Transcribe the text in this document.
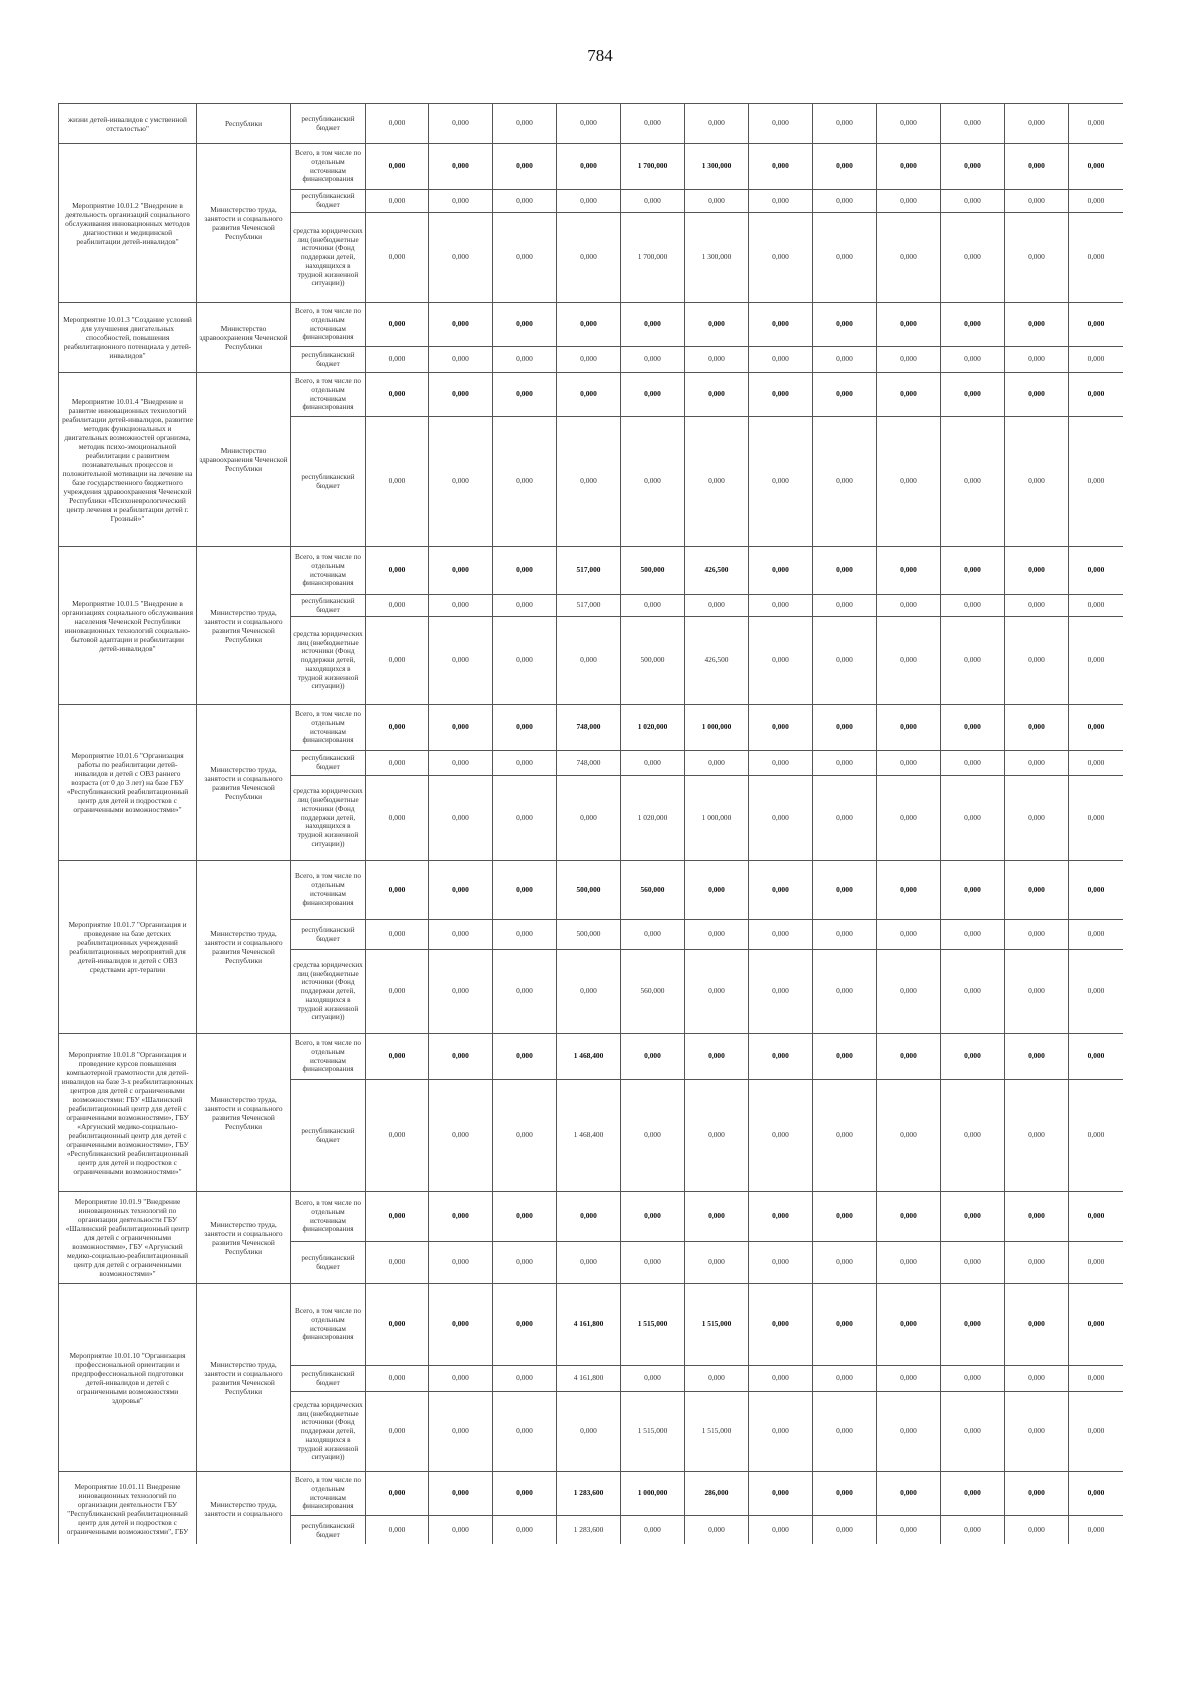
784
жизни детей-инвалидов с умственной отсталостью"	Республики	республиканский бюджет	0,000	0,000	0,000	0,000	0,000	0,000	0,000	0,000	0,000	0,000	0,000	0,000
Мероприятие 10.01.2 "Внедрение в деятельность организаций социального обслуживания инновационных методов диагностики и медицинской реабилитации детей-инвалидов"	Министерство труда, занятости и социального развития Чеченской Республики	Всего, в том числе по отдельным источникам финансирования	0,000	0,000	0,000	0,000	1 700,000	1 300,000	0,000	0,000	0,000	0,000	0,000	0,000
		республиканский бюджет	0,000	0,000	0,000	0,000	0,000	0,000	0,000	0,000	0,000	0,000	0,000	0,000
		средства юридических лиц (внебюджетные источники (Фонд поддержки детей, находящихся в трудной жизненной ситуации))	0,000	0,000	0,000	0,000	1 700,000	1 300,000	0,000	0,000	0,000	0,000	0,000	0,000
Мероприятие 10.01.3 "Создание условий для улучшения двигательных способностей, повышения реабилитационного потенциала у детей-инвалидов"	Министерство здравоохранения Чеченской Республики	Всего, в том числе по отдельным источникам финансирования	0,000	0,000	0,000	0,000	0,000	0,000	0,000	0,000	0,000	0,000	0,000	0,000
		республиканский бюджет	0,000	0,000	0,000	0,000	0,000	0,000	0,000	0,000	0,000	0,000	0,000	0,000
Мероприятие 10.01.4 "Внедрение и развитие инновационных технологий реабилитации детей-инвалидов, развитие методик функциональных и двигательных возможностей организма, методик психо-эмоциональной реабилитации с развитием познавательных процессов и положительной мотивации на лечение на базе государственного бюджетного учреждения здравоохранения Чеченской Республики «Психоневрологический центр лечения и реабилитации детей г. Грозный»"	Министерство здравоохранения Чеченской Республики	Всего, в том числе по отдельным источникам финансирования	0,000	0,000	0,000	0,000	0,000	0,000	0,000	0,000	0,000	0,000	0,000	0,000
		республиканский бюджет	0,000	0,000	0,000	0,000	0,000	0,000	0,000	0,000	0,000	0,000	0,000	0,000
Мероприятие 10.01.5 "Внедрение в организациях социального обслуживания населения Чеченской Республики инновационных технологий социально-бытовой адаптации и реабилитации детей-инвалидов"	Министерство труда, занятости и социального развития Чеченской Республики	Всего, в том числе по отдельным источникам финансирования	0,000	0,000	0,000	517,000	500,000	426,500	0,000	0,000	0,000	0,000	0,000	0,000
		республиканский бюджет	0,000	0,000	0,000	517,000	0,000	0,000	0,000	0,000	0,000	0,000	0,000	0,000
		средства юридических лиц (внебюджетные источники (Фонд поддержки детей, находящихся в трудной жизненной ситуации))	0,000	0,000	0,000	0,000	500,000	426,500	0,000	0,000	0,000	0,000	0,000	0,000
Мероприятие 10.01.6 "Организация работы по реабилитации детей-инвалидов и детей с ОВЗ раннего возраста (от 0 до 3 лет) на базе ГБУ «Республиканский реабилитационный центр для детей и подростков с ограниченными возможностями»"	Министерство труда, занятости и социального развития Чеченской Республики	Всего, в том числе по отдельным источникам финансирования	0,000	0,000	0,000	748,000	1 020,000	1 000,000	0,000	0,000	0,000	0,000	0,000	0,000
		республиканский бюджет	0,000	0,000	0,000	748,000	0,000	0,000	0,000	0,000	0,000	0,000	0,000	0,000
		средства юридических лиц (внебюджетные источники (Фонд поддержки детей, находящихся в трудной жизненной ситуации))	0,000	0,000	0,000	0,000	1 020,000	1 000,000	0,000	0,000	0,000	0,000	0,000	0,000
Мероприятие 10.01.7 "Организация и проведение на базе детских реабилитационных учреждений реабилитационных мероприятий для детей-инвалидов и детей с ОВЗ средствами арт-терапии	Министерство труда, занятости и социального развития Чеченской Республики	Всего, в том числе по отдельным источникам финансирования	0,000	0,000	0,000	500,000	560,000	0,000	0,000	0,000	0,000	0,000	0,000	0,000
		республиканский бюджет	0,000	0,000	0,000	500,000	0,000	0,000	0,000	0,000	0,000	0,000	0,000	0,000
		средства юридических лиц (внебюджетные источники (Фонд поддержки детей, находящихся в трудной жизненной ситуации))	0,000	0,000	0,000	0,000	560,000	0,000	0,000	0,000	0,000	0,000	0,000	0,000
Мероприятие 10.01.8 "Организация и проведение курсов повышения компьютерной грамотности для детей-инвалидов на базе 3-х реабилитационных центров для детей с ограниченными возможностями: ГБУ «Шалинский реабилитационный центр для детей с ограниченными возможностями», ГБУ «Аргунский медико-социально-реабилитационный центр для детей с ограниченными возможностями», ГБУ «Республиканский реабилитационный центр для детей и подростков с ограниченными возможностями»"	Министерство труда, занятости и социального развития Чеченской Республики	Всего, в том числе по отдельным источникам финансирования	0,000	0,000	0,000	1 468,400	0,000	0,000	0,000	0,000	0,000	0,000	0,000	0,000
		республиканский бюджет	0,000	0,000	0,000	1 468,400	0,000	0,000	0,000	0,000	0,000	0,000	0,000	0,000
Мероприятие 10.01.9 "Внедрение инновационных технологий по организации деятельности ГБУ «Шалинский реабилитационный центр для детей с ограниченными возможностями», ГБУ «Аргунский медико-социально-реабилитационный центр для детей с ограниченными возможностями»"	Министерство труда, занятости и социального развития Чеченской Республики	Всего, в том числе по отдельным источникам финансирования	0,000	0,000	0,000	0,000	0,000	0,000	0,000	0,000	0,000	0,000	0,000	0,000
		республиканский бюджет	0,000	0,000	0,000	0,000	0,000	0,000	0,000	0,000	0,000	0,000	0,000	0,000
Мероприятие 10.01.10 "Организация профессиональной ориентации и предпрофессиональной подготовки детей-инвалидов и детей с ограниченными возможностями здоровья"	Министерство труда, занятости и социального развития Чеченской Республики	Всего, в том числе по отдельным источникам финансирования	0,000	0,000	0,000	4 161,800	1 515,000	1 515,000	0,000	0,000	0,000	0,000	0,000	0,000
		республиканский бюджет	0,000	0,000	0,000	4 161,800	0,000	0,000	0,000	0,000	0,000	0,000	0,000	0,000
		средства юридических лиц (внебюджетные источники (Фонд поддержки детей, находящихся в трудной жизненной ситуации))	0,000	0,000	0,000	0,000	1 515,000	1 515,000	0,000	0,000	0,000	0,000	0,000	0,000
Мероприятие 10.01.11 Внедрение инновационных технологий по организации деятельности ГБУ "Республиканский реабилитационный центр для детей и подростков с ограниченными возможностями", ГБУ	Министерство труда, занятости и социального	Всего, в том числе по отдельным источникам финансирования	0,000	0,000	0,000	1 283,600	1 000,000	286,000	0,000	0,000	0,000	0,000	0,000	0,000
		республиканский бюджет	0,000	0,000	0,000	1 283,600	0,000	0,000	0,000	0,000	0,000	0,000	0,000	0,000
